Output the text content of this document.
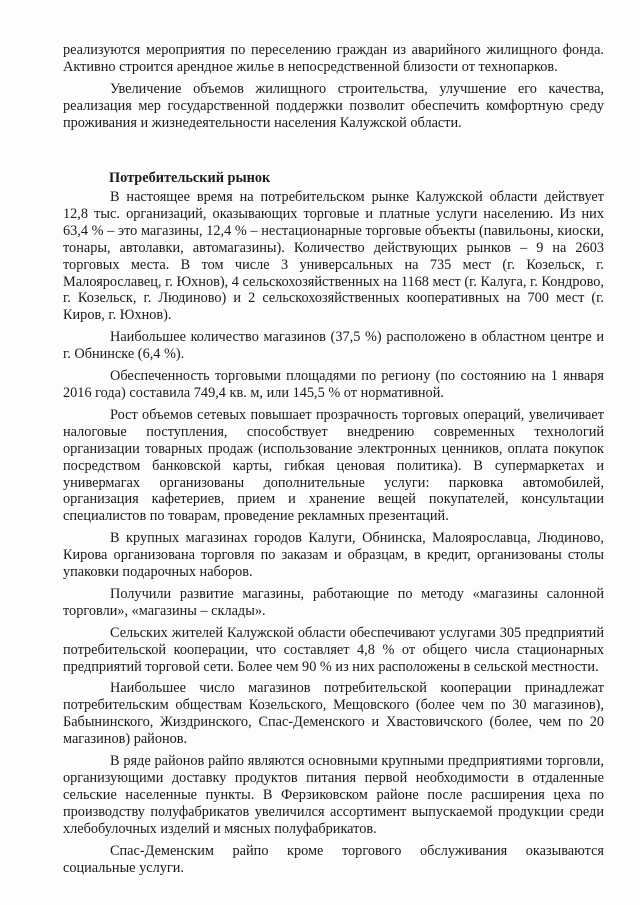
реализуются мероприятия по переселению граждан из аварийного жилищного фонда. Активно строится арендное жилье в непосредственной близости от технопарков.

Увеличение объемов жилищного строительства, улучшение его качества, реализация мер государственной поддержки позволит обеспечить комфортную среду проживания и жизнедеятельности населения Калужской области.

Потребительский рынок

В настоящее время на потребительском рынке Калужской области действует 12,8 тыс. организаций, оказывающих торговые и платные услуги населению. Из них 63,4 % – это магазины, 12,4 % – нестационарные торговые объекты (павильоны, киоски, тонары, автолавки, автомагазины). Количество действующих рынков – 9 на 2603 торговых места. В том числе 3 универсальных на 735 мест (г. Козельск, г. Малоярославец, г. Юхнов), 4 сельскохозяйственных на 1168 мест (г. Калуга, г. Кондрово, г. Козельск, г. Людиново) и 2 сельскохозяйственных кооперативных на 700 мест (г. Киров, г. Юхнов).

Наибольшее количество магазинов (37,5 %) расположено в областном центре и г. Обнинске (6,4 %).

Обеспеченность торговыми площадями по региону (по состоянию на 1 января 2016 года) составила 749,4 кв. м, или 145,5 % от нормативной.

Рост объемов сетевых повышает прозрачность торговых операций, увеличивает налоговые поступления, способствует внедрению современных технологий организации товарных продаж (использование электронных ценников, оплата покупок посредством банковской карты, гибкая ценовая политика). В супермаркетах и универмагах организованы дополнительные услуги: парковка автомобилей, организация кафетериев, прием и хранение вещей покупателей, консультации специалистов по товарам, проведение рекламных презентаций.

В крупных магазинах городов Калуги, Обнинска, Малоярославца, Людиново, Кирова организована торговля по заказам и образцам, в кредит, организованы столы упаковки подарочных наборов.

Получили развитие магазины, работающие по методу «магазины салонной торговли», «магазины – склады».

Сельских жителей Калужской области обеспечивают услугами 305 предприятий потребительской кооперации, что составляет 4,8 % от общего числа стационарных предприятий торговой сети. Более чем 90 % из них расположены в сельской местности.

Наибольшее число магазинов потребительской кооперации принадлежат потребительским обществам Козельского, Мещовского (более чем по 30 магазинов), Бабынинского, Жиздринского, Спас-Деменского и Хвастовичского (более, чем по 20 магазинов) районов.

В ряде районов райпо являются основными крупными предприятиями торговли, организующими доставку продуктов питания первой необходимости в отдаленные сельские населенные пункты. В Ферзиковском районе после расширения цеха по производству полуфабрикатов увеличился ассортимент выпускаемой продукции среди хлебобулочных изделий и мясных полуфабрикатов.

Спас-Деменским райпо кроме торгового обслуживания оказываются социальные услуги.
